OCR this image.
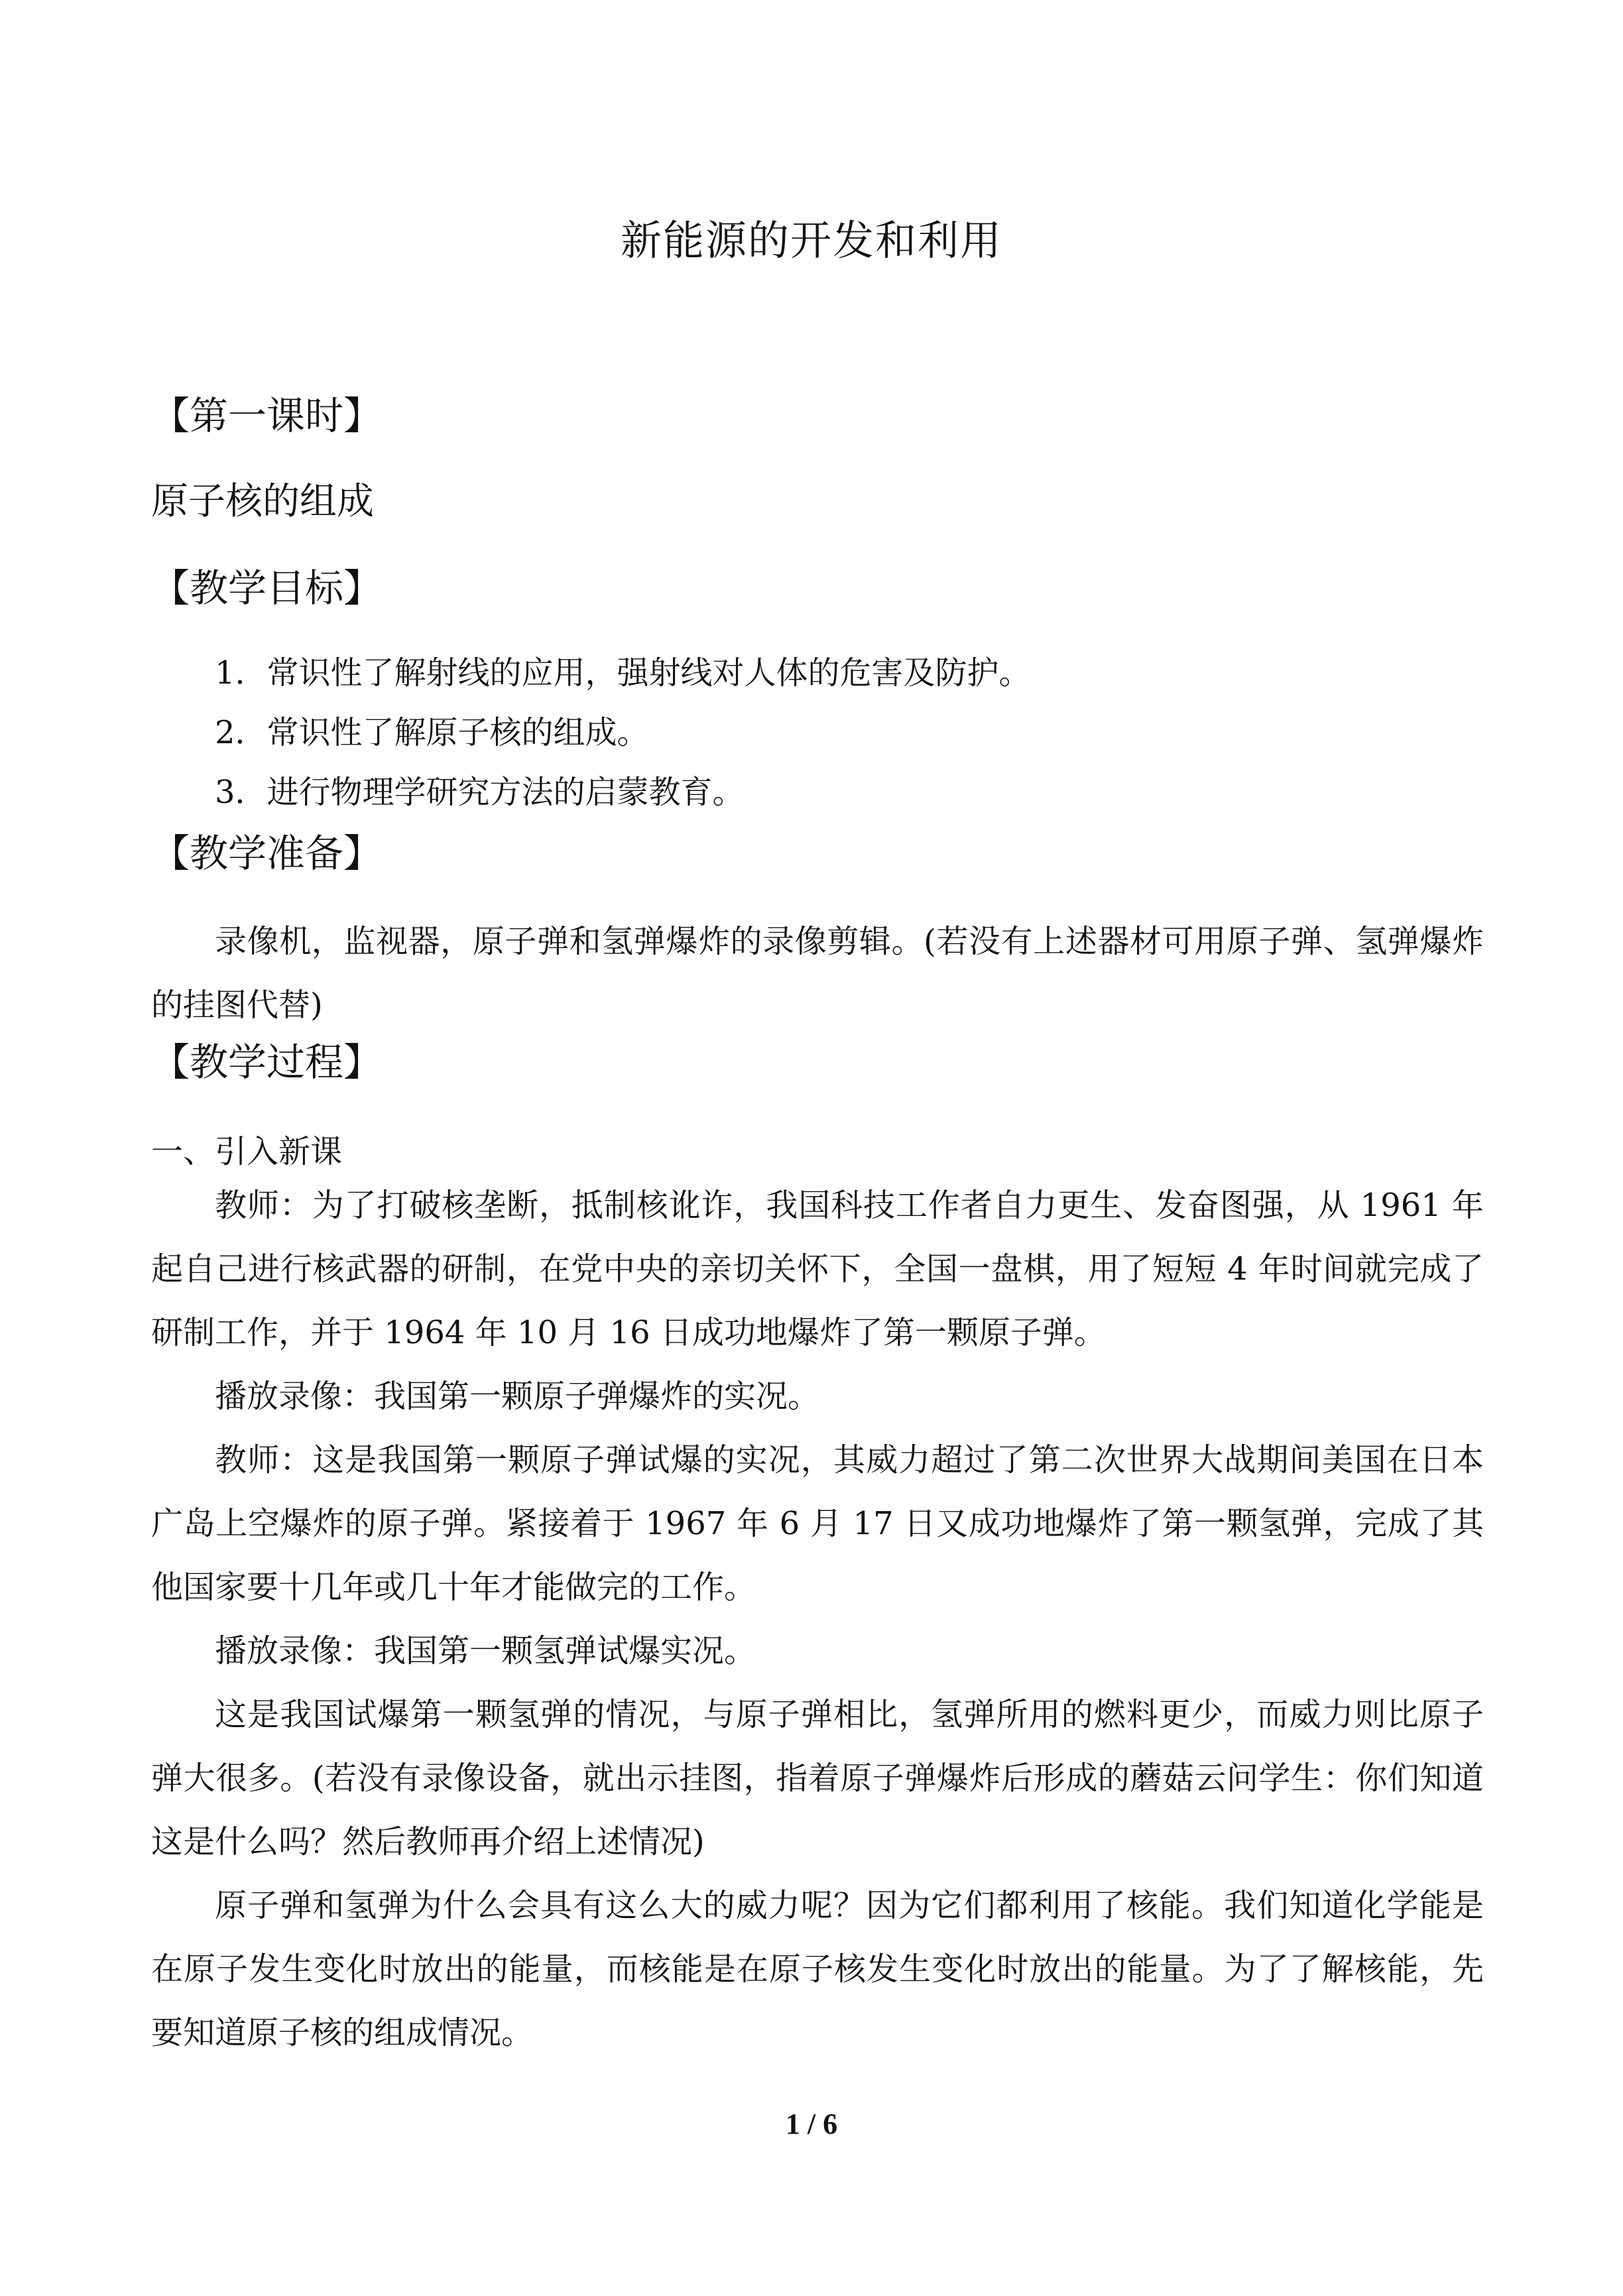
新能源的开发和利用
【第一课时】
原子核的组成
【教学目标】
1．常识性了解射线的应用，强射线对人体的危害及防护。
2．常识性了解原子核的组成。
3．进行物理学研究方法的启蒙教育。
【教学准备】

录像机，监视器，原子弹和氢弹爆炸的录像剪辑。(若没有上述器材可用原子弹、氢弹爆炸的挂图代替)

【教学过程】
一、引入新课

教师：为了打破核垄断，抵制核讹诈，我国科技工作者自力更生、发奋图强，从 1961 年起自己进行核武器的研制，在党中央的亲切关怀下，全国一盘棋，用了短短 4 年时间就完成了研制工作，并于 1964 年 10 月 16 日成功地爆炸了第一颗原子弹。

播放录像：我国第一颗原子弹爆炸的实况。

教师：这是我国第一颗原子弹试爆的实况，其威力超过了第二次世界大战期间美国在日本广岛上空爆炸的原子弹。紧接着于 1967 年 6 月 17 日又成功地爆炸了第一颗氢弹，完成了其他国家要十几年或几十年才能做完的工作。

播放录像：我国第一颗氢弹试爆实况。

这是我国试爆第一颗氢弹的情况，与原子弹相比，氢弹所用的燃料更少，而威力则比原子弹大很多。(若没有录像设备，就出示挂图，指着原子弹爆炸后形成的蘑菇云问学生：你们知道这是什么吗？然后教师再介绍上述情况)

原子弹和氢弹为什么会具有这么大的威力呢？因为它们都利用了核能。我们知道化学能是在原子发生变化时放出的能量，而核能是在原子核发生变化时放出的能量。为了了解核能，先要知道原子核的组成情况。

1 / 6
